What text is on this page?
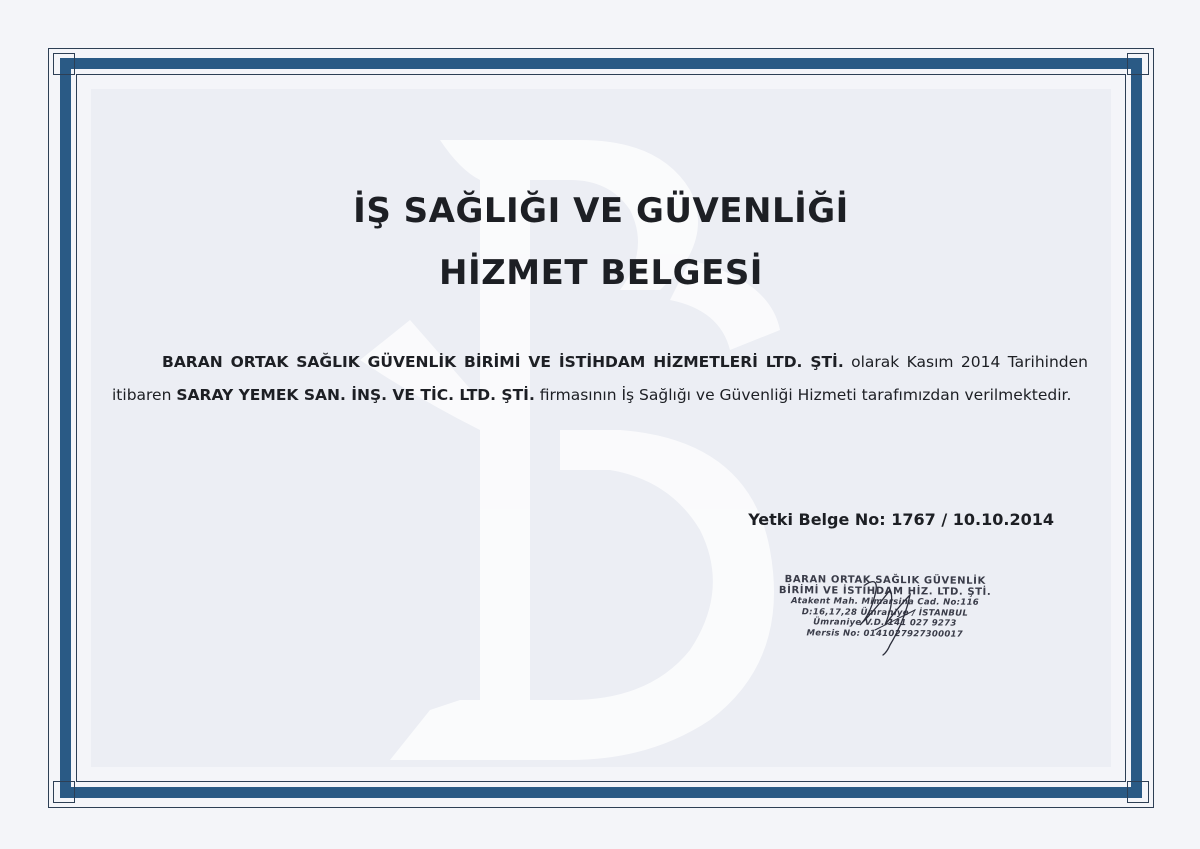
İŞ SAĞLIĞI VE GÜVENLİĞİ
HİZMET BELGESİ
BARAN ORTAK SAĞLIK GÜVENLİK BİRİMİ VE İSTİHDAM HİZMETLERİ LTD. ŞTİ. olarak Kasım 2014 Tarihinden itibaren SARAY YEMEK SAN. İNŞ. VE TİC. LTD. ŞTİ. firmasının İş Sağlığı ve Güvenliği Hizmeti tarafımızdan verilmektedir.
Yetki Belge No: 1767 / 10.10.2014
BARAN ORTAK SAĞLIK GÜVENLİK
BİRİMİ VE İSTİHDAM HİZ. LTD. ŞTİ.
Atakent Mah. Mimarsina Cad. No:116
D:16,17,28 Ümraniye / İSTANBUL
Ümraniye V.D. 141 027 9273
Mersis No: 0141027927300017
